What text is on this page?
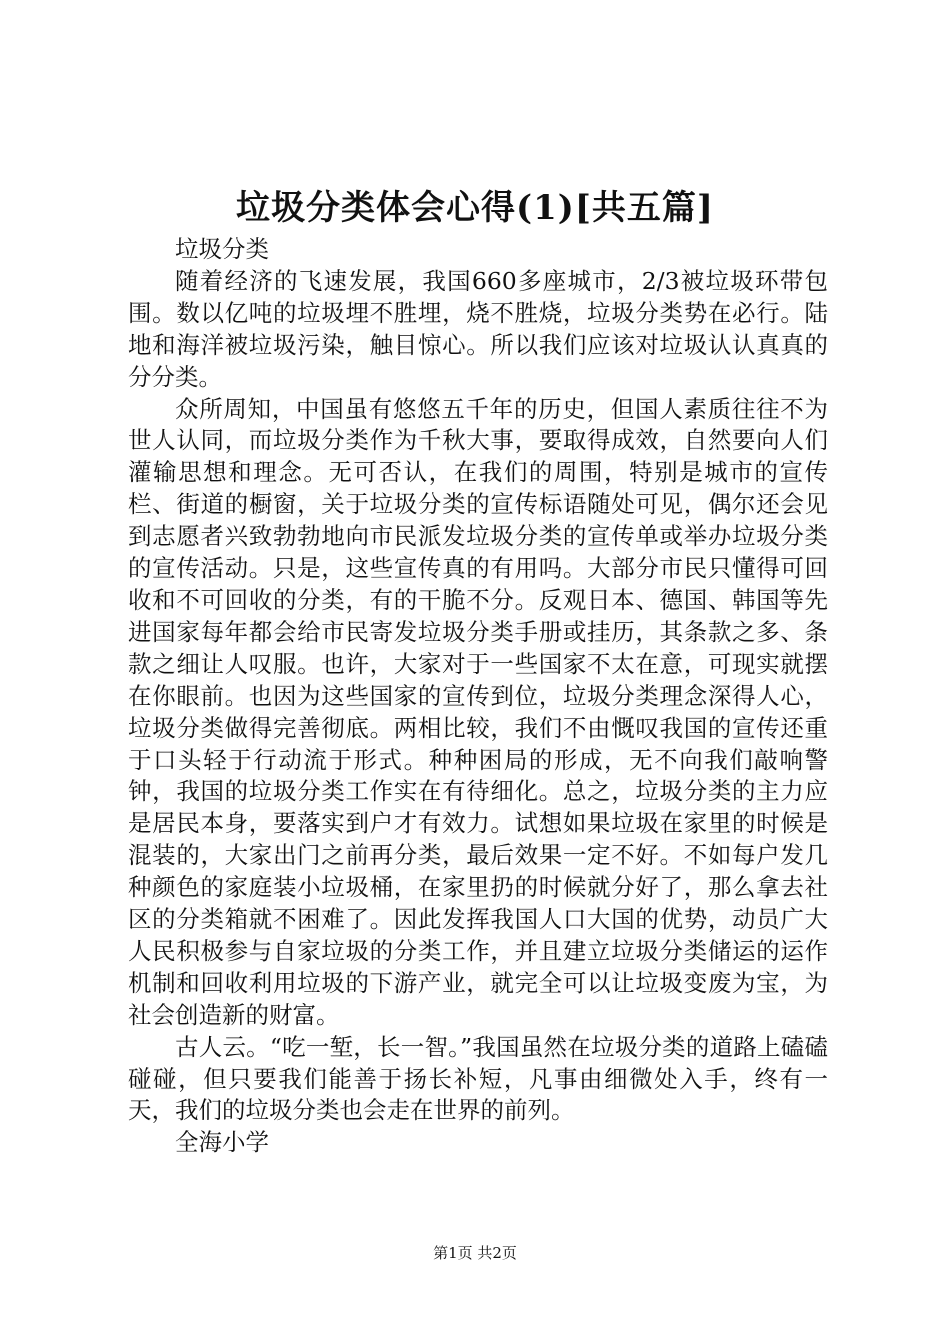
垃圾分类体会心得(1)[共五篇]

垃圾分类

随着经济的飞速发展，我国660多座城市，2/3被垃圾环带包围。数以亿吨的垃圾埋不胜埋，烧不胜烧，垃圾分类势在必行。陆地和海洋被垃圾污染，触目惊心。所以我们应该对垃圾认认真真的分分类。

众所周知，中国虽有悠悠五千年的历史，但国人素质往往不为世人认同，而垃圾分类作为千秋大事，要取得成效，自然要向人们灌输思想和理念。无可否认，在我们的周围，特别是城市的宣传栏、街道的橱窗，关于垃圾分类的宣传标语随处可见，偶尔还会见到志愿者兴致勃勃地向市民派发垃圾分类的宣传单或举办垃圾分类的宣传活动。只是，这些宣传真的有用吗。大部分市民只懂得可回收和不可回收的分类，有的干脆不分。反观日本、德国、韩国等先进国家每年都会给市民寄发垃圾分类手册或挂历，其条款之多、条款之细让人叹服。也许，大家对于一些国家不太在意，可现实就摆在你眼前。也因为这些国家的宣传到位，垃圾分类理念深得人心，垃圾分类做得完善彻底。两相比较，我们不由慨叹我国的宣传还重于口头轻于行动流于形式。种种困局的形成，无不向我们敲响警钟，我国的垃圾分类工作实在有待细化。总之，垃圾分类的主力应是居民本身，要落实到户才有效力。试想如果垃圾在家里的时候是混装的，大家出门之前再分类，最后效果一定不好。不如每户发几种颜色的家庭装小垃圾桶，在家里扔的时候就分好了，那么拿去社区的分类箱就不困难了。因此发挥我国人口大国的优势，动员广大人民积极参与自家垃圾的分类工作，并且建立垃圾分类储运的运作机制和回收利用垃圾的下游产业，就完全可以让垃圾变废为宝，为社会创造新的财富。

古人云。“吃一堑，长一智。”我国虽然在垃圾分类的道路上磕磕碰碰，但只要我们能善于扬长补短，凡事由细微处入手，终有一天，我们的垃圾分类也会走在世界的前列。

全海小学

第1页 共2页
